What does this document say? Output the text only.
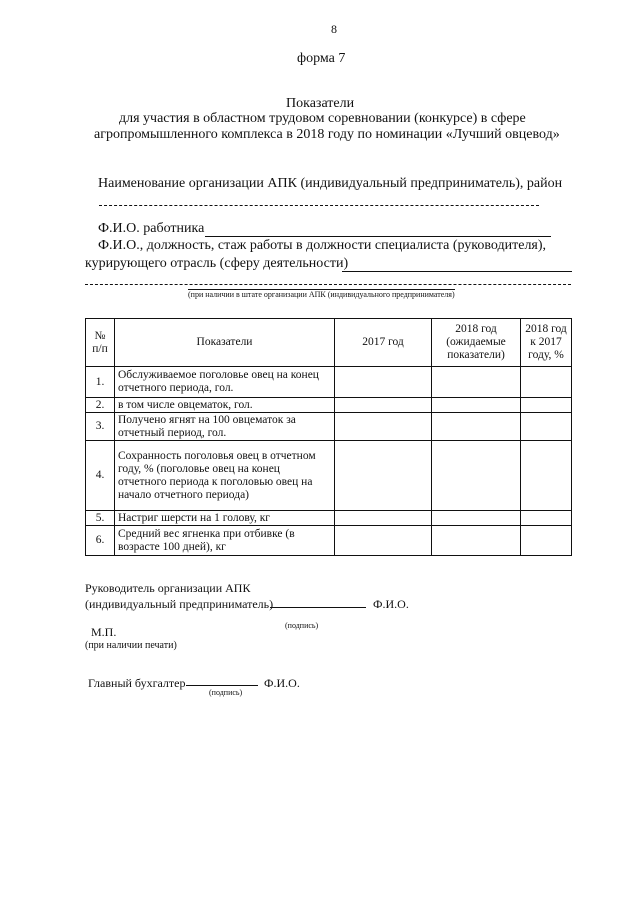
8
форма 7
Показатели
для участия в областном трудовом соревновании (конкурсе) в сфере
агропромышленного комплекса в 2018 году по номинации «Лучший овцевод»
Наименование организации АПК (индивидуальный предприниматель), район
Ф.И.О. работника
Ф.И.О., должность, стаж работы в должности специалиста (руководителя),
курирующего отрасль (сферу деятельности)
(при наличии в штате организации АПК (индивидуального предпринимателя)
№ п/п	Показатели	2017 год	2018 год (ожидаемые показатели)	2018 год к 2017 году, %
1.	Обслуживаемое поголовье овец на конец отчетного периода, гол.			
2.	в том числе овцематок, гол.			
3.	Получено ягнят на 100 овцематок за отчетный период, гол.			
4.	Сохранность поголовья овец в отчетном году, % (поголовье овец на конец отчетного периода к поголовью овец на начало отчетного периода)			
5.	Настриг шерсти на 1 голову, кг			
6.	Средний вес ягненка при отбивке (в возрасте 100 дней), кг			
Руководитель организации АПК
(индивидуальный предприниматель)	Ф.И.О.
(подпись)
М.П.
(при наличии печати)
Главный бухгалтер	Ф.И.О.
(подпись)
